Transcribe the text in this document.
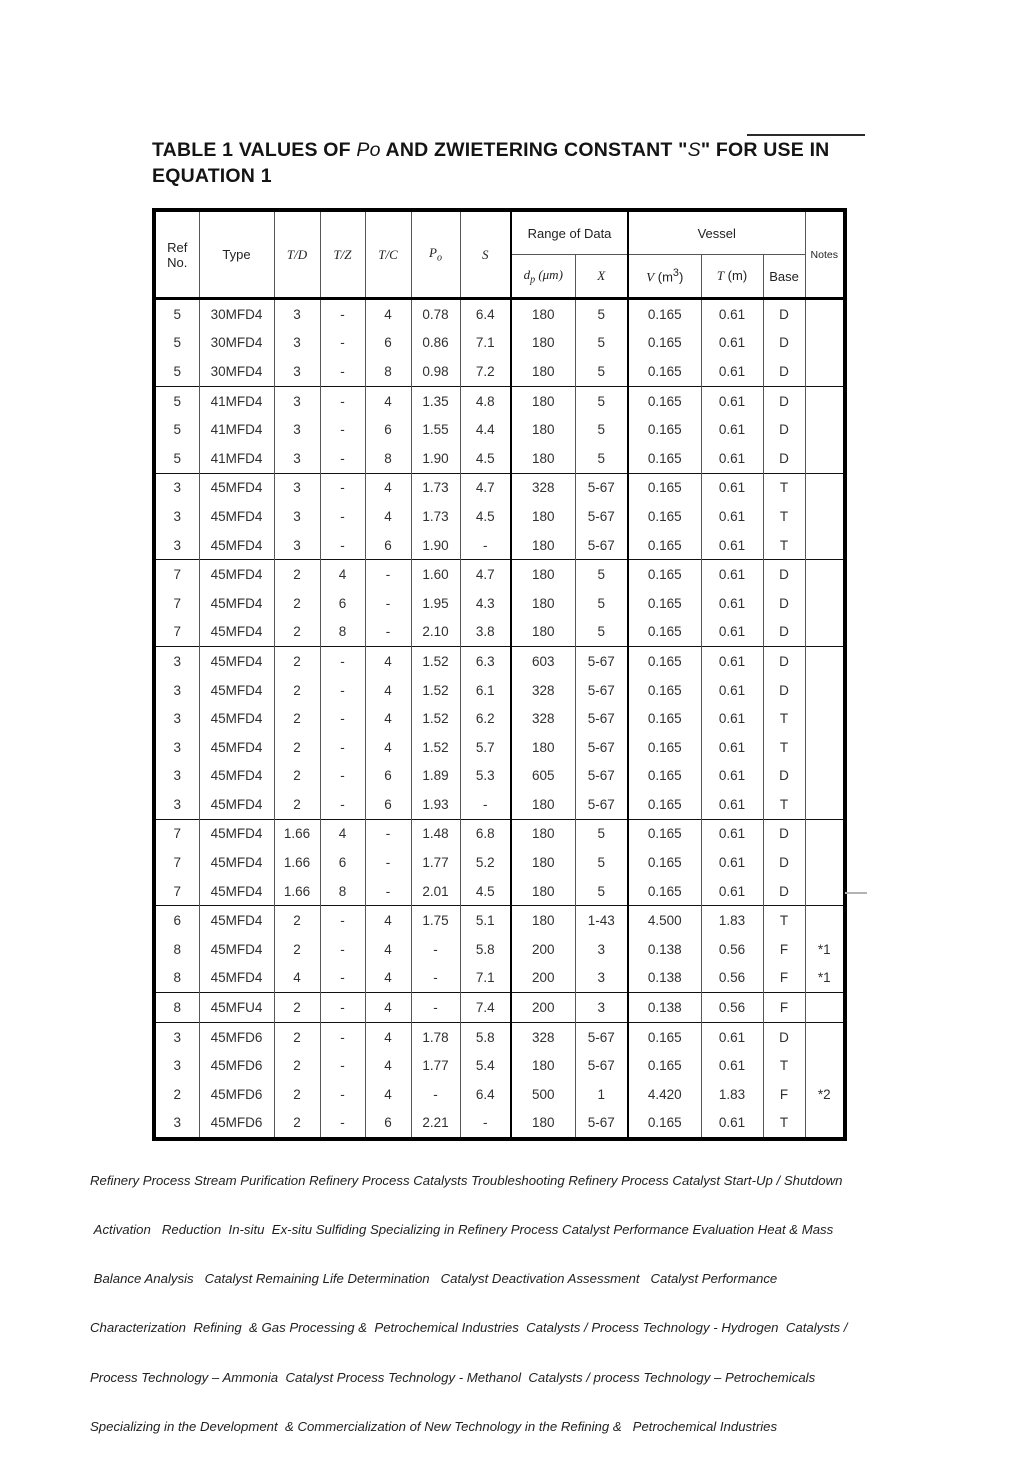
TABLE 1 VALUES OF Po AND ZWIETERING CONSTANT "S" FOR USE IN
EQUATION 1
Ref
No.	Type	T/D	T/Z	T/C	$P_o$	S	Range of Data		Vessel			Notes
							$d_p$ (μm)	X	V $(m^3)$	T (m)	Base	
5	30MFD4	3	-	4	0.78	6.4	180	5	0.165	0.61	D	
5	30MFD4	3	-	6	0.86	7.1	180	5	0.165	0.61	D	
5	30MFD4	3	-	8	0.98	7.2	180	5	0.165	0.61	D	
5	41MFD4	3	-	4	1.35	4.8	180	5	0.165	0.61	D	
5	41MFD4	3	-	6	1.55	4.4	180	5	0.165	0.61	D	
5	41MFD4	3	-	8	1.90	4.5	180	5	0.165	0.61	D	
3	45MFD4	3	-	4	1.73	4.7	328	5-67	0.165	0.61	T	
3	45MFD4	3	-	4	1.73	4.5	180	5-67	0.165	0.61	T	
3	45MFD4	3	-	6	1.90	-	180	5-67	0.165	0.61	T	
7	45MFD4	2	4	-	1.60	4.7	180	5	0.165	0.61	D	
7	45MFD4	2	6	-	1.95	4.3	180	5	0.165	0.61	D	
7	45MFD4	2	8	-	2.10	3.8	180	5	0.165	0.61	D	
3	45MFD4	2	-	4	1.52	6.3	603	5-67	0.165	0.61	D	
3	45MFD4	2	-	4	1.52	6.1	328	5-67	0.165	0.61	D	
3	45MFD4	2	-	4	1.52	6.2	328	5-67	0.165	0.61	T	
3	45MFD4	2	-	4	1.52	5.7	180	5-67	0.165	0.61	T	
3	45MFD4	2	-	6	1.89	5.3	605	5-67	0.165	0.61	D	
3	45MFD4	2	-	6	1.93	-	180	5-67	0.165	0.61	T	
7	45MFD4	1.66	4	-	1.48	6.8	180	5	0.165	0.61	D	
7	45MFD4	1.66	6	-	1.77	5.2	180	5	0.165	0.61	D	
7	45MFD4	1.66	8	-	2.01	4.5	180	5	0.165	0.61	D	
6	45MFD4	2	-	4	1.75	5.1	180	1-43	4.500	1.83	T	
8	45MFD4	2	-	4	-	5.8	200	3	0.138	0.56	F	*1
8	45MFD4	4	-	4	-	7.1	200	3	0.138	0.56	F	*1
8	45MFU4	2	-	4	-	7.4	200	3	0.138	0.56	F	
3	45MFD6	2	-	4	1.78	5.8	328	5-67	0.165	0.61	D	
3	45MFD6	2	-	4	1.77	5.4	180	5-67	0.165	0.61	T	
2	45MFD6	2	-	4	-	6.4	500	1	4.420	1.83	F	*2
3	45MFD6	2	-	6	2.21	-	180	5-67	0.165	0.61	T	

Refinery Process Stream Purification Refinery Process Catalysts Troubleshooting Refinery Process Catalyst Start-Up / Shutdown

Activation   Reduction  In-situ  Ex-situ Sulfiding Specializing in Refinery Process Catalyst Performance Evaluation Heat & Mass

Balance Analysis   Catalyst Remaining Life Determination   Catalyst Deactivation Assessment   Catalyst Performance

Characterization  Refining  & Gas Processing &  Petrochemical Industries  Catalysts / Process Technology - Hydrogen  Catalysts /

Process Technology – Ammonia  Catalyst Process Technology - Methanol  Catalysts / process Technology – Petrochemicals

Specializing in the Development  & Commercialization of New Technology in the Refining &   Petrochemical Industries
